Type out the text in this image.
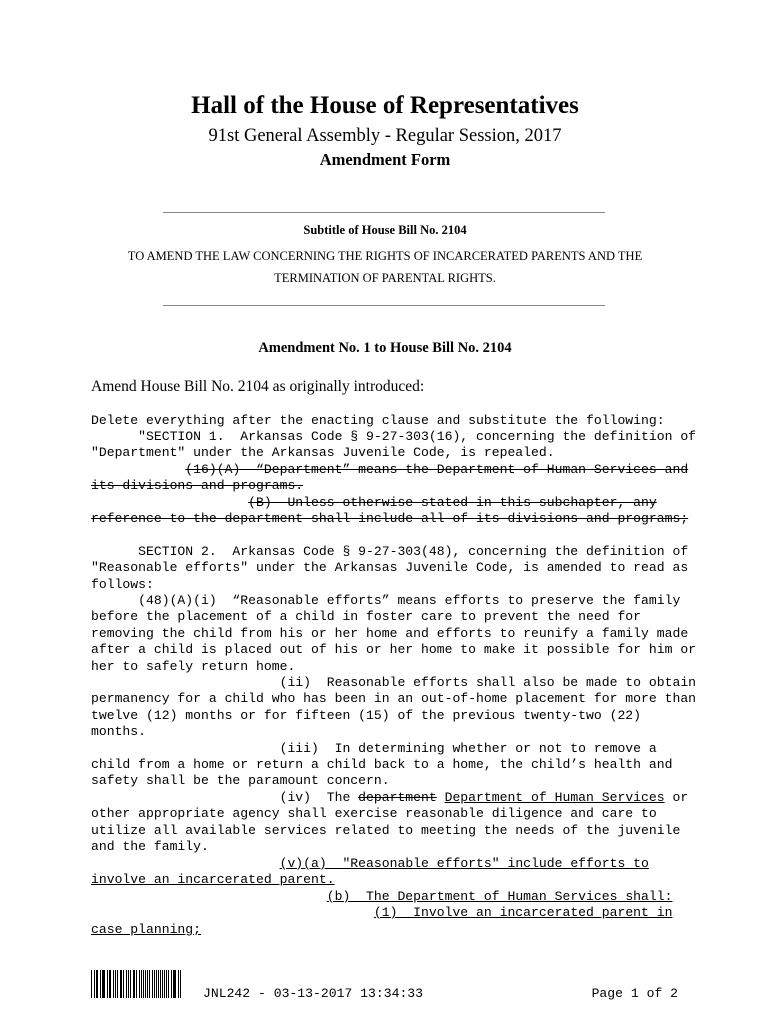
Hall of the House of Representatives
91st General Assembly - Regular Session, 2017
Amendment Form
Subtitle of House Bill No. 2104
TO AMEND THE LAW CONCERNING THE RIGHTS OF INCARCERATED PARENTS AND THE
TERMINATION OF PARENTAL RIGHTS.
Amendment No. 1 to House Bill No. 2104
Amend House Bill No. 2104 as originally introduced:
Delete everything after the enacting clause and substitute the following:
"SECTION 1.  Arkansas Code § 9-27-303(16), concerning the definition of
"Department" under the Arkansas Juvenile Code, is repealed.
(16)(A)  “Department” means the Department of Human Services and
its divisions and programs.
(B)  Unless otherwise stated in this subchapter, any
reference to the department shall include all of its divisions and programs;
SECTION 2.  Arkansas Code § 9-27-303(48), concerning the definition of
"Reasonable efforts" under the Arkansas Juvenile Code, is amended to read as
follows:
(48)(A)(i)  “Reasonable efforts” means efforts to preserve the family
before the placement of a child in foster care to prevent the need for
removing the child from his or her home and efforts to reunify a family made
after a child is placed out of his or her home to make it possible for him or
her to safely return home.
(ii)  Reasonable efforts shall also be made to obtain
permanency for a child who has been in an out-of-home placement for more than
twelve (12) months or for fifteen (15) of the previous twenty-two (22)
months.
(iii)  In determining whether or not to remove a
child from a home or return a child back to a home, the child’s health and
safety shall be the paramount concern.
(iv)  The department Department of Human Services or
other appropriate agency shall exercise reasonable diligence and care to
utilize all available services related to meeting the needs of the juvenile
and the family.
(v)(a)  "Reasonable efforts" include efforts to
involve an incarcerated parent.
(b)  The Department of Human Services shall:
(1)  Involve an incarcerated parent in
case planning;
JNL242 - 03-13-2017 13:34:33	Page 1 of 2
